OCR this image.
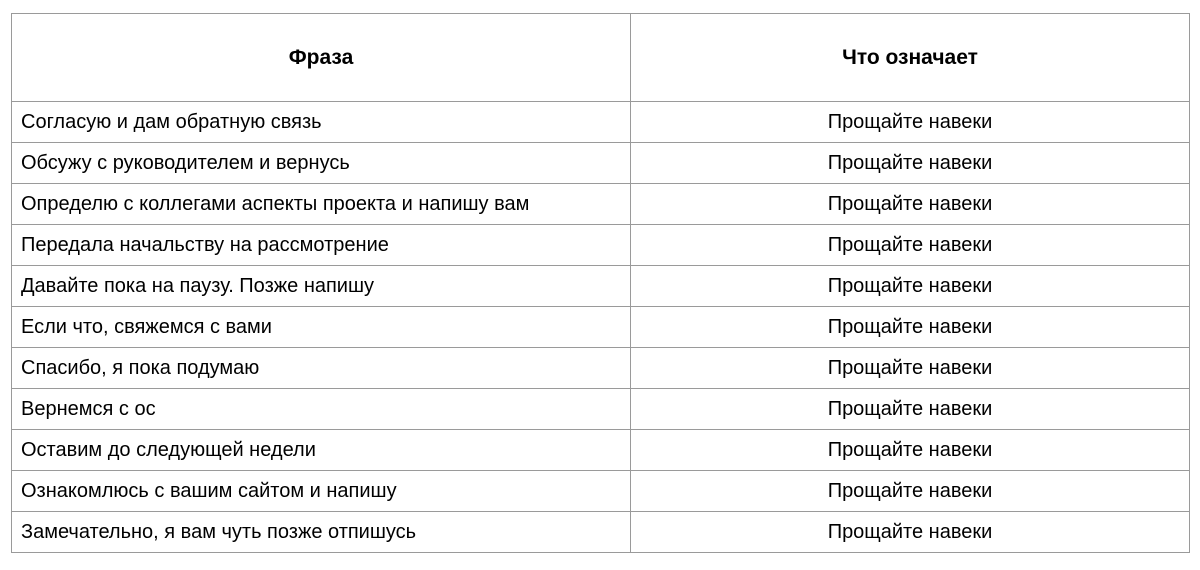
Фраза	Что означает
Согласую и дам обратную связь	Прощайте навеки
Обсужу с руководителем и вернусь	Прощайте навеки
Определю с коллегами аспекты проекта и напишу вам	Прощайте навеки
Передала начальству на рассмотрение	Прощайте навеки
Давайте пока на паузу. Позже напишу	Прощайте навеки
Если что, свяжемся с вами	Прощайте навеки
Спасибо, я пока подумаю	Прощайте навеки
Вернемся с ос	Прощайте навеки
Оставим до следующей недели	Прощайте навеки
Ознакомлюсь с вашим сайтом и напишу	Прощайте навеки
Замечательно, я вам чуть позже отпишусь	Прощайте навеки
